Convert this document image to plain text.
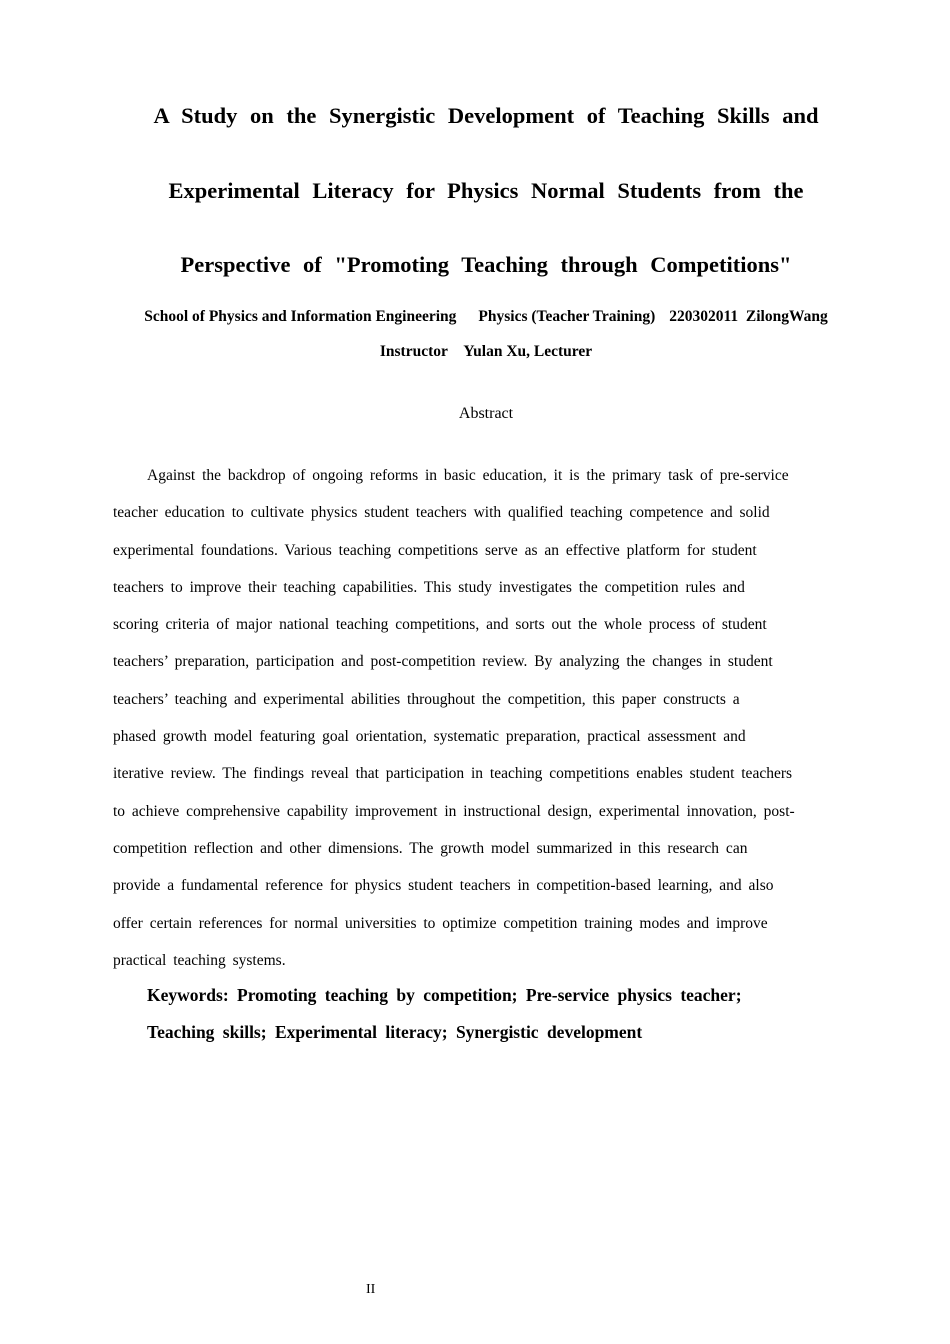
A Study on the Synergistic Development of Teaching Skills and
Experimental Literacy for Physics Normal Students from the
Perspective of "Promoting Teaching through Competitions"
School of Physics and Information Engineering Physics (Teacher Training) 220302011 ZilongWang
Instructor Yulan Xu, Lecturer
Abstract
Against the backdrop of ongoing reforms in basic education, it is the primary task of pre-service
teacher education to cultivate physics student teachers with qualified teaching competence and solid
experimental foundations. Various teaching competitions serve as an effective platform for student
teachers to improve their teaching capabilities. This study investigates the competition rules and
scoring criteria of major national teaching competitions, and sorts out the whole process of student
teachers’ preparation, participation and post-competition review. By analyzing the changes in student
teachers’ teaching and experimental abilities throughout the competition, this paper constructs a
phased growth model featuring goal orientation, systematic preparation, practical assessment and
iterative review. The findings reveal that participation in teaching competitions enables student teachers
to achieve comprehensive capability improvement in instructional design, experimental innovation, post-
competition reflection and other dimensions. The growth model summarized in this research can
provide a fundamental reference for physics student teachers in competition-based learning, and also
offer certain references for normal universities to optimize competition training modes and improve
practical teaching systems.
Keywords: Promoting teaching by competition; Pre-service physics teacher;
Teaching skills; Experimental literacy; Synergistic development
II
